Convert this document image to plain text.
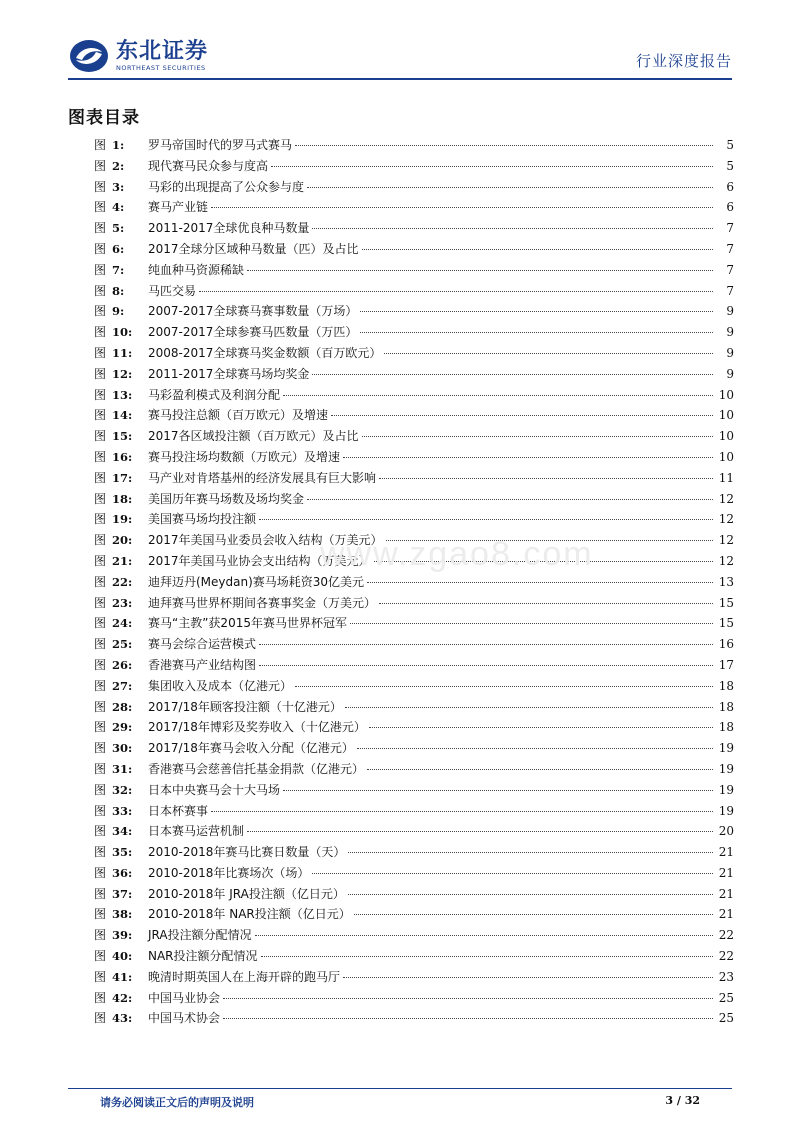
东北证券
NORTHEAST SECURITIES	行业深度报告
图表目录
图 1:	罗马帝国时代的罗马式赛马	5
图 2:	现代赛马民众参与度高	5
图 3:	马彩的出现提高了公众参与度	6
图 4:	赛马产业链	6
图 5:	2011-2017全球优良种马数量	7
图 6:	2017全球分区域种马数量（匹）及占比	7
图 7:	纯血种马资源稀缺	7
图 8:	马匹交易	7
图 9:	2007-2017全球赛马赛事数量（万场）	9
图 10:	2007-2017全球参赛马匹数量（万匹）	9
图 11:	2008-2017全球赛马奖金数额（百万欧元）	9
图 12:	2011-2017全球赛马场均奖金	9
图 13:	马彩盈利模式及利润分配	10
图 14:	赛马投注总额（百万欧元）及增速	10
图 15:	2017各区域投注额（百万欧元）及占比	10
图 16:	赛马投注场均数额（万欧元）及增速	10
图 17:	马产业对肯塔基州的经济发展具有巨大影响	11
图 18:	美国历年赛马场数及场均奖金	12
图 19:	美国赛马场均投注额	12
图 20:	2017年美国马业委员会收入结构（万美元）	12
图 21:	2017年美国马业协会支出结构（万美元）	12
图 22:	迪拜迈丹(Meydan)赛马场耗资30亿美元	13
图 23:	迪拜赛马世界杯期间各赛事奖金（万美元）	15
图 24:	赛马“主教”获2015年赛马世界杯冠军	15
图 25:	赛马会综合运营模式	16
图 26:	香港赛马产业结构图	17
图 27:	集团收入及成本（亿港元）	18
图 28:	2017/18年顾客投注额（十亿港元）	18
图 29:	2017/18年博彩及奖券收入（十亿港元）	18
图 30:	2017/18年赛马会收入分配（亿港元）	19
图 31:	香港赛马会慈善信托基金捐款（亿港元）	19
图 32:	日本中央赛马会十大马场	19
图 33:	日本杯赛事	19
图 34:	日本赛马运营机制	20
图 35:	2010-2018年赛马比赛日数量（天）	21
图 36:	2010-2018年比赛场次（场）	21
图 37:	2010-2018年 JRA投注额（亿日元）	21
图 38:	2010-2018年 NAR投注额（亿日元）	21
图 39:	JRA投注额分配情况	22
图 40:	NAR投注额分配情况	22
图 41:	晚清时期英国人在上海开辟的跑马厅	23
图 42:	中国马业协会	25
图 43:	中国马术协会	25
www.zgao8.com
请务必阅读正文后的声明及说明	3 / 32
